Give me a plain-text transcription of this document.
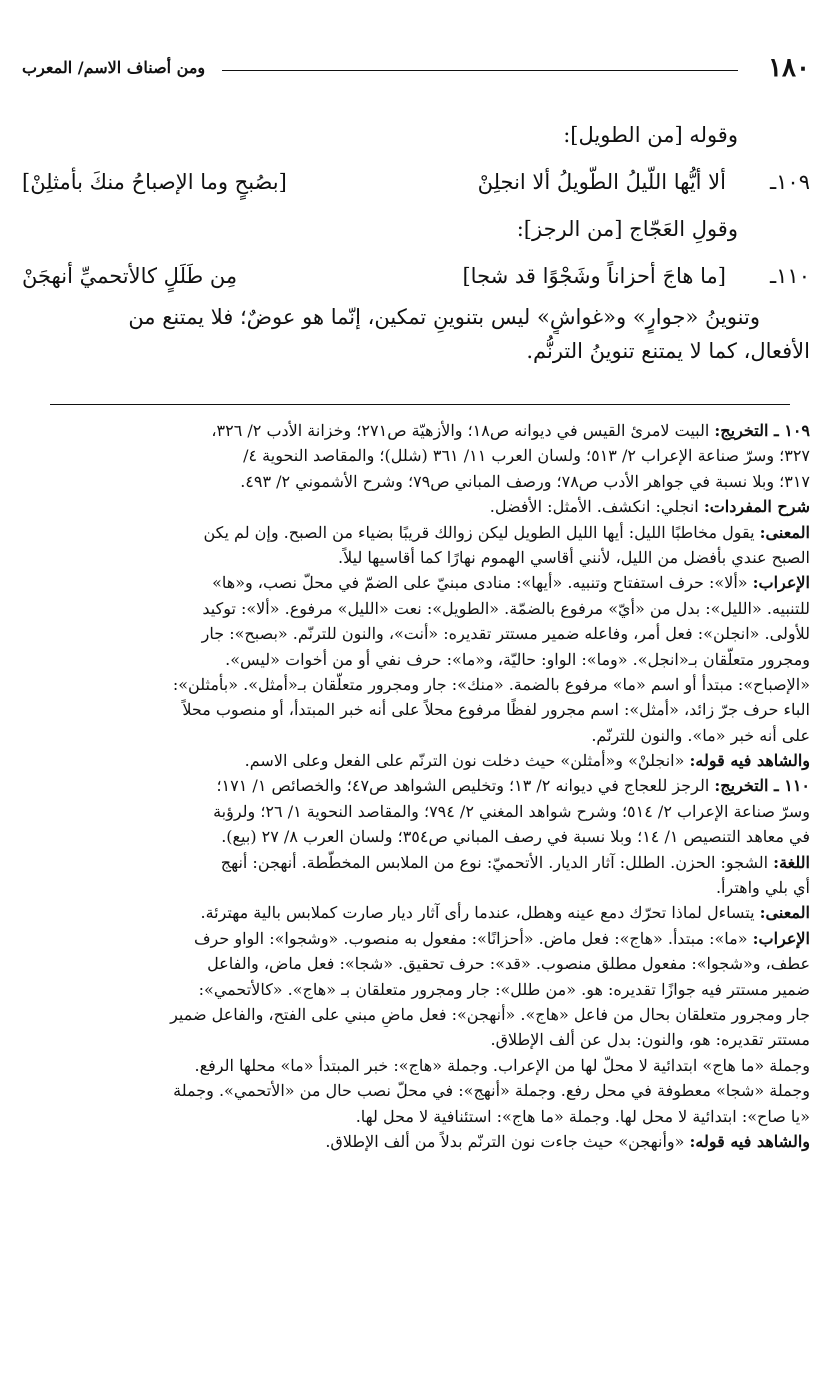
١٨٠
ومن أصناف الاسم/ المعرب
وقوله [من الطويل]:
١٠٩ـ
ألا أيُّها اللّيلُ الطّويلُ ألا انجلِنْ
[بصُبحٍ وما الإصباحُ منكَ بأمثلِنْ]
وقولِ العَجّاج [من الرجز]:
١١٠ـ
[ما هاجَ أحزاناً وشَجْوًا قد شجا]
مِن طَلَلٍ كالأتحميِّ أنهجَنْ
وتنوينُ «جوارٍ» و«غواشٍ» ليس بتنوينِ تمكين، إنّما هو عوضٌ؛ فلا يمتنع من
الأفعال، كما لا يمتنع تنوينُ الترنُّم.
١٠٩ ـ التخريج: البيت لامرئ القيس في ديوانه ص١٨؛ والأزهيّة ص٢٧١؛ وخزانة الأدب ٢/ ٣٢٦،
٣٢٧؛ وسرّ صناعة الإعراب ٢/ ٥١٣؛ ولسان العرب ١١/ ٣٦١ (شلل)؛ والمقاصد النحوية ٤/
٣١٧؛ وبلا نسبة في جواهر الأدب ص٧٨؛ ورصف المباني ص٧٩؛ وشرح الأشموني ٢/ ٤٩٣.
شرح المفردات: انجلي: انكشف. الأمثل: الأفضل.
المعنى: يقول مخاطبًا الليل: أيها الليل الطويل ليكن زوالك قريبًا بضياء من الصبح. وإن لم يكن
الصبح عندي بأفضل من الليل، لأنني أقاسي الهموم نهارًا كما أقاسيها ليلاً.
الإعراب: «ألا»: حرف استفتاح وتنبيه. «أيها»: منادى مبنيّ على الضمّ في محلّ نصب، و«ها»
للتنبيه. «الليل»: بدل من «أيّ» مرفوع بالضمّة. «الطويل»: نعت «الليل» مرفوع. «ألا»: توكيد
للأولى. «انجلن»: فعل أمر، وفاعله ضمير مستتر تقديره: «أنت»، والنون للترنّم. «بصبح»: جار
ومجرور متعلّقان بـ«انجل». «وما»: الواو: حاليّة، و«ما»: حرف نفي أو من أخوات «ليس».
«الإصباح»: مبتدأ أو اسم «ما» مرفوع بالضمة. «منك»: جار ومجرور متعلّقان بـ«أمثل». «بأمثلن»:
الباء حرف جرّ زائد، «أمثل»: اسم مجرور لفظًا مرفوع محلاً على أنه خبر المبتدأ، أو منصوب محلاً
على أنه خبر «ما». والنون للترنّم.
والشاهد فيه قوله: «انجلنْ» و«أمثلن» حيث دخلت نون الترنّم على الفعل وعلى الاسم.
١١٠ ـ التخريج: الرجز للعجاج في ديوانه ٢/ ١٣؛ وتخليص الشواهد ص٤٧؛ والخصائص ١/ ١٧١؛
وسرّ صناعة الإعراب ٢/ ٥١٤؛ وشرح شواهد المغني ٢/ ٧٩٤؛ والمقاصد النحوية ١/ ٢٦؛ ولرؤبة
في معاهد التنصيص ١/ ١٤؛ وبلا نسبة في رصف المباني ص٣٥٤؛ ولسان العرب ٨/ ٢٧ (بيع).
اللغة: الشجو: الحزن. الطلل: آثار الديار. الأتحميّ: نوع من الملابس المخطّطة. أنهجن: أنهج
أي بلي واهترأ.
المعنى: يتساءل لماذا تحرّك دمع عينه وهطل، عندما رأى آثار ديار صارت كملابس بالية مهترئة.
الإعراب: «ما»: مبتدأ. «هاج»: فعل ماض. «أحزانًا»: مفعول به منصوب. «وشجوا»: الواو حرف
عطف، و«شجوا»: مفعول مطلق منصوب. «قد»: حرف تحقيق. «شجا»: فعل ماض، والفاعل
ضمير مستتر فيه جوازًا تقديره: هو. «من طلل»: جار ومجرور متعلقان بـ «هاج». «كالأتحمي»:
جار ومجرور متعلقان بحال من فاعل «هاج». «أنهجن»: فعل ماضٍ مبني على الفتح، والفاعل ضمير
مستتر تقديره: هو، والنون: بدل عن ألف الإطلاق.
وجملة «ما هاج» ابتدائية لا محلّ لها من الإعراب. وجملة «هاج»: خبر المبتدأ «ما» محلها الرفع.
وجملة «شجا» معطوفة في محل رفع. وجملة «أنهج»: في محلّ نصب حال من «الأتحمي». وجملة
«يا صاح»: ابتدائية لا محل لها. وجملة «ما هاج»: استئنافية لا محل لها.
والشاهد فيه قوله: «وأنهجن» حيث جاءت نون الترنّم بدلاً من ألف الإطلاق.
